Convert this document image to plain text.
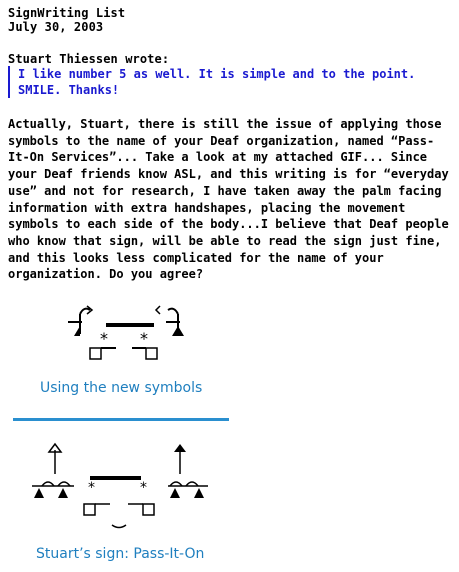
SignWriting List
July 30, 2003
Stuart Thiessen wrote:
I like number 5 as well. It is simple and to the point. SMILE. Thanks!
Actually, Stuart, there is still the issue of applying those symbols to the name of your Deaf organization, named “Pass-It-On Services”... Take a look at my attached GIF... Since your Deaf friends know ASL, and this writing is for “everyday use” and not for research, I have taken away the palm facing information with extra handshapes, placing the movement symbols to each side of the body...I believe that Deaf people who know that sign, will be able to read the sign just fine, and this looks less complicated for the name of your organization. Do you agree?
* *
Using the new symbols
*	*
Stuart’s sign: Pass-It-On
